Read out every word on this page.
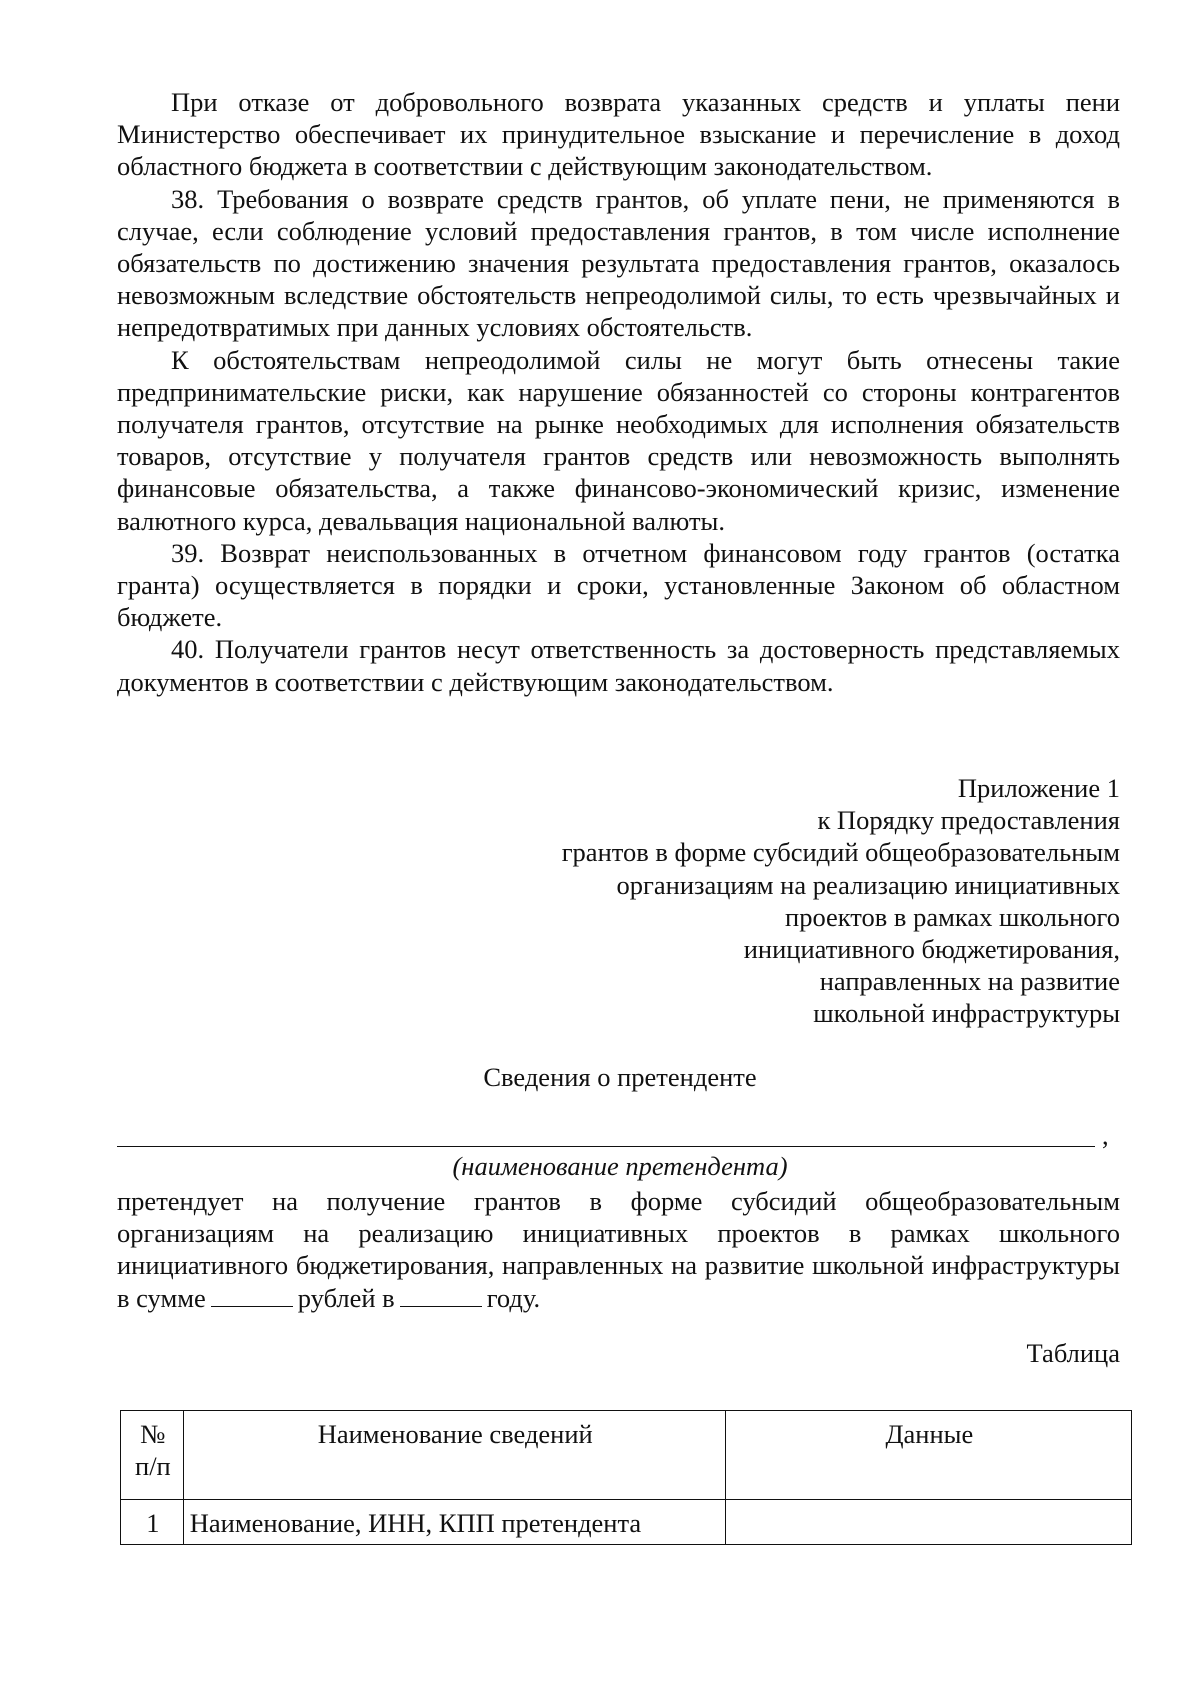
При отказе от добровольного возврата указанных средств и уплаты пени Министерство обеспечивает их принудительное взыскание и перечисление в доход областного бюджета в соответствии с действующим законодательством.

38. Требования о возврате средств грантов, об уплате пени, не применяются в случае, если соблюдение условий предоставления грантов, в том числе исполнение обязательств по достижению значения результата предоставления грантов, оказалось невозможным вследствие обстоятельств непреодолимой силы, то есть чрезвычайных и непредотвратимых при данных условиях обстоятельств.

К обстоятельствам непреодолимой силы не могут быть отнесены такие предпринимательские риски, как нарушение обязанностей со стороны контрагентов получателя грантов, отсутствие на рынке необходимых для исполнения обязательств товаров, отсутствие у получателя грантов средств или невозможность выполнять финансовые обязательства, а также финансово-экономический кризис, изменение валютного курса, девальвация национальной валюты.

39. Возврат неиспользованных в отчетном финансовом году грантов (остатка гранта) осуществляется в порядки и сроки, установленные Законом об областном бюджете.

40. Получатели грантов несут ответственность за достоверность представляемых документов в соответствии с действующим законодательством.

Приложение 1
к Порядку предоставления
грантов в форме субсидий общеобразовательным
организациям на реализацию инициативных
проектов в рамках школьного
инициативного бюджетирования,
направленных на развитие
школьной инфраструктуры
Сведения о претенденте
,
(наименование претендента)

претендует на получение грантов в форме субсидий общеобразовательным организациям на реализацию инициативных проектов в рамках школьного инициативного бюджетирования, направленных на развитие школьной инфраструктуры в сумме	рублей в	году.

Таблица
№ п/п	Наименование сведений	Данные
1	Наименование, ИНН, КПП претендента	
